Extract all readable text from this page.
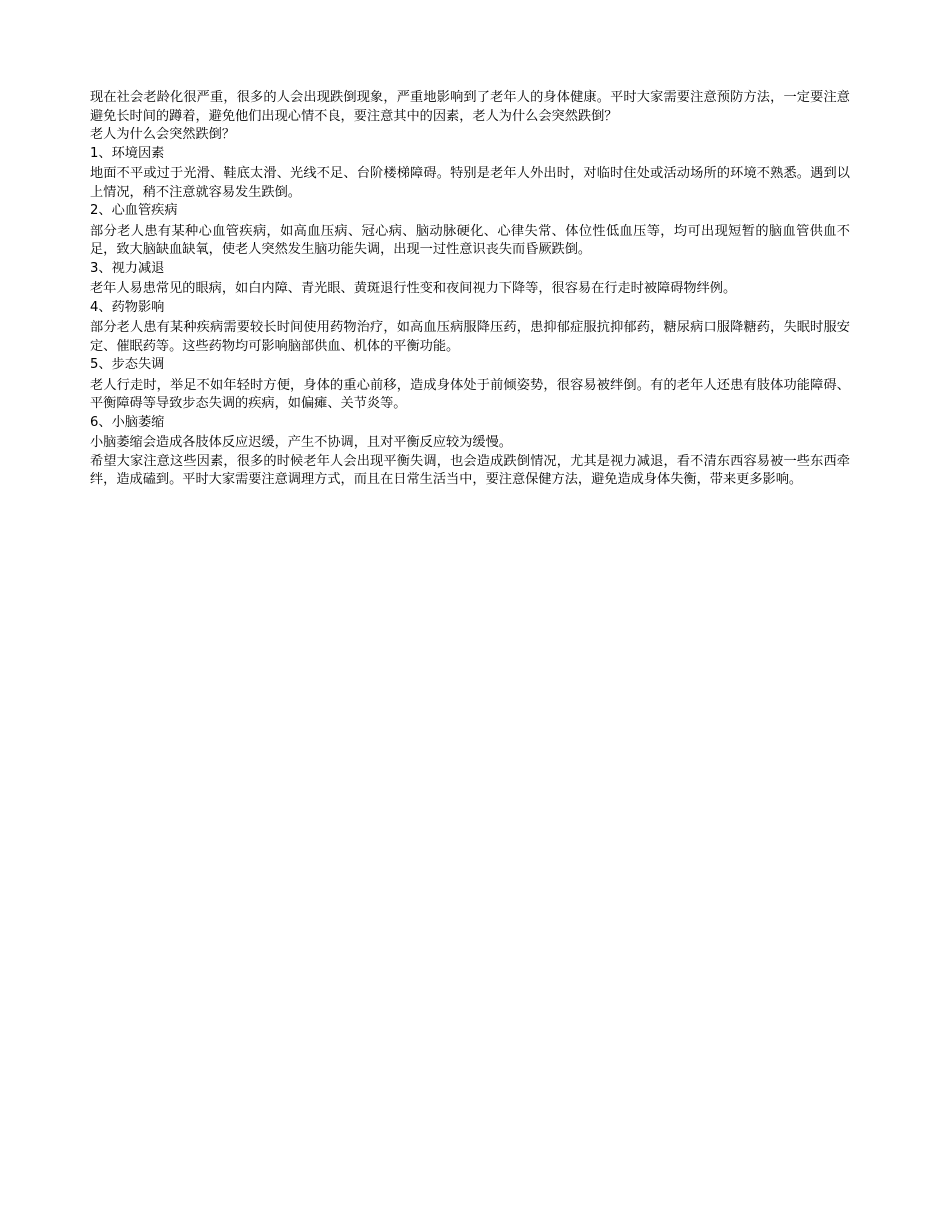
现在社会老龄化很严重，很多的人会出现跌倒现象，严重地影响到了老年人的身体健康。平时大家需要注意预防方法，一定要注意避免长时间的蹲着，避免他们出现心情不良，要注意其中的因素，老人为什么会突然跌倒？

老人为什么会突然跌倒？

1、环境因素

地面不平或过于光滑、鞋底太滑、光线不足、台阶楼梯障碍。特别是老年人外出时，对临时住处或活动场所的环境不熟悉。遇到以上情况，稍不注意就容易发生跌倒。

2、心血管疾病

部分老人患有某种心血管疾病，如高血压病、冠心病、脑动脉硬化、心律失常、体位性低血压等，均可出现短暂的脑血管供血不足，致大脑缺血缺氧，使老人突然发生脑功能失调，出现一过性意识丧失而昏厥跌倒。

3、视力减退

老年人易患常见的眼病，如白内障、青光眼、黄斑退行性变和夜间视力下降等，很容易在行走时被障碍物绊例。

4、药物影响

部分老人患有某种疾病需要较长时间使用药物治疗，如高血压病服降压药，患抑郁症服抗抑郁药，糖尿病口服降糖药，失眠时服安定、催眠药等。这些药物均可影响脑部供血、机体的平衡功能。

5、步态失调

老人行走时，举足不如年轻时方便，身体的重心前移，造成身体处于前倾姿势，很容易被绊倒。有的老年人还患有肢体功能障碍、平衡障碍等导致步态失调的疾病，如偏瘫、关节炎等。

6、小脑萎缩

小脑萎缩会造成各肢体反应迟缓，产生不协调，且对平衡反应较为缓慢。

希望大家注意这些因素，很多的时候老年人会出现平衡失调，也会造成跌倒情况，尤其是视力减退，看不清东西容易被一些东西牵绊，造成磕到。平时大家需要注意调理方式，而且在日常生活当中，要注意保健方法，避免造成身体失衡，带来更多影响。
